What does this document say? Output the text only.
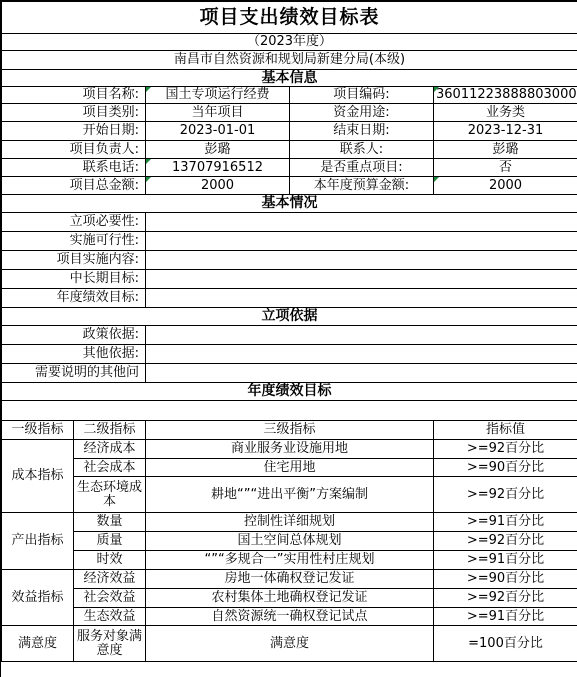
项目支出绩效目标表				
（2023年度）				
南昌市自然资源和规划局新建分局(本级)				
基本信息				
项目名称:		国土专项运行经费	项目编码:	36011223888803000
项目类别:		当年项目	资金用途:	业务类
开始日期:		2023-01-01	结束日期:	2023-12-31
项目负责人:		彭璐	联系人:	彭璐
联系电话:		13707916512	是否重点项目:	否
项目总金额:		2000	本年度预算金额:	2000
基本情况				
立项必要性:				
实施可行性:				
项目实施内容:				
中长期目标:				
年度绩效目标:				
立项依据				
政策依据:				
其他依据:				
需要说明的其他问				
年度绩效目标				

一级指标	二级指标	三级指标		指标值
成本指标	经济成本	商业服务业设施用地		>=92百分比
	社会成本	住宅用地		>=90百分比
	生态环境成本	耕地“”“进出平衡”方案编制		>=92百分比
产出指标	数量	控制性详细规划		>=91百分比
	质量	国土空间总体规划		>=92百分比
	时效	“”“多规合一”实用性村庄规划		>=91百分比
效益指标	经济效益	房地一体确权登记发证		>=90百分比
	社会效益	农村集体土地确权登记发证		>=92百分比
	生态效益	自然资源统一确权登记试点		>=91百分比
满意度	服务对象满意度	满意度		=100百分比
